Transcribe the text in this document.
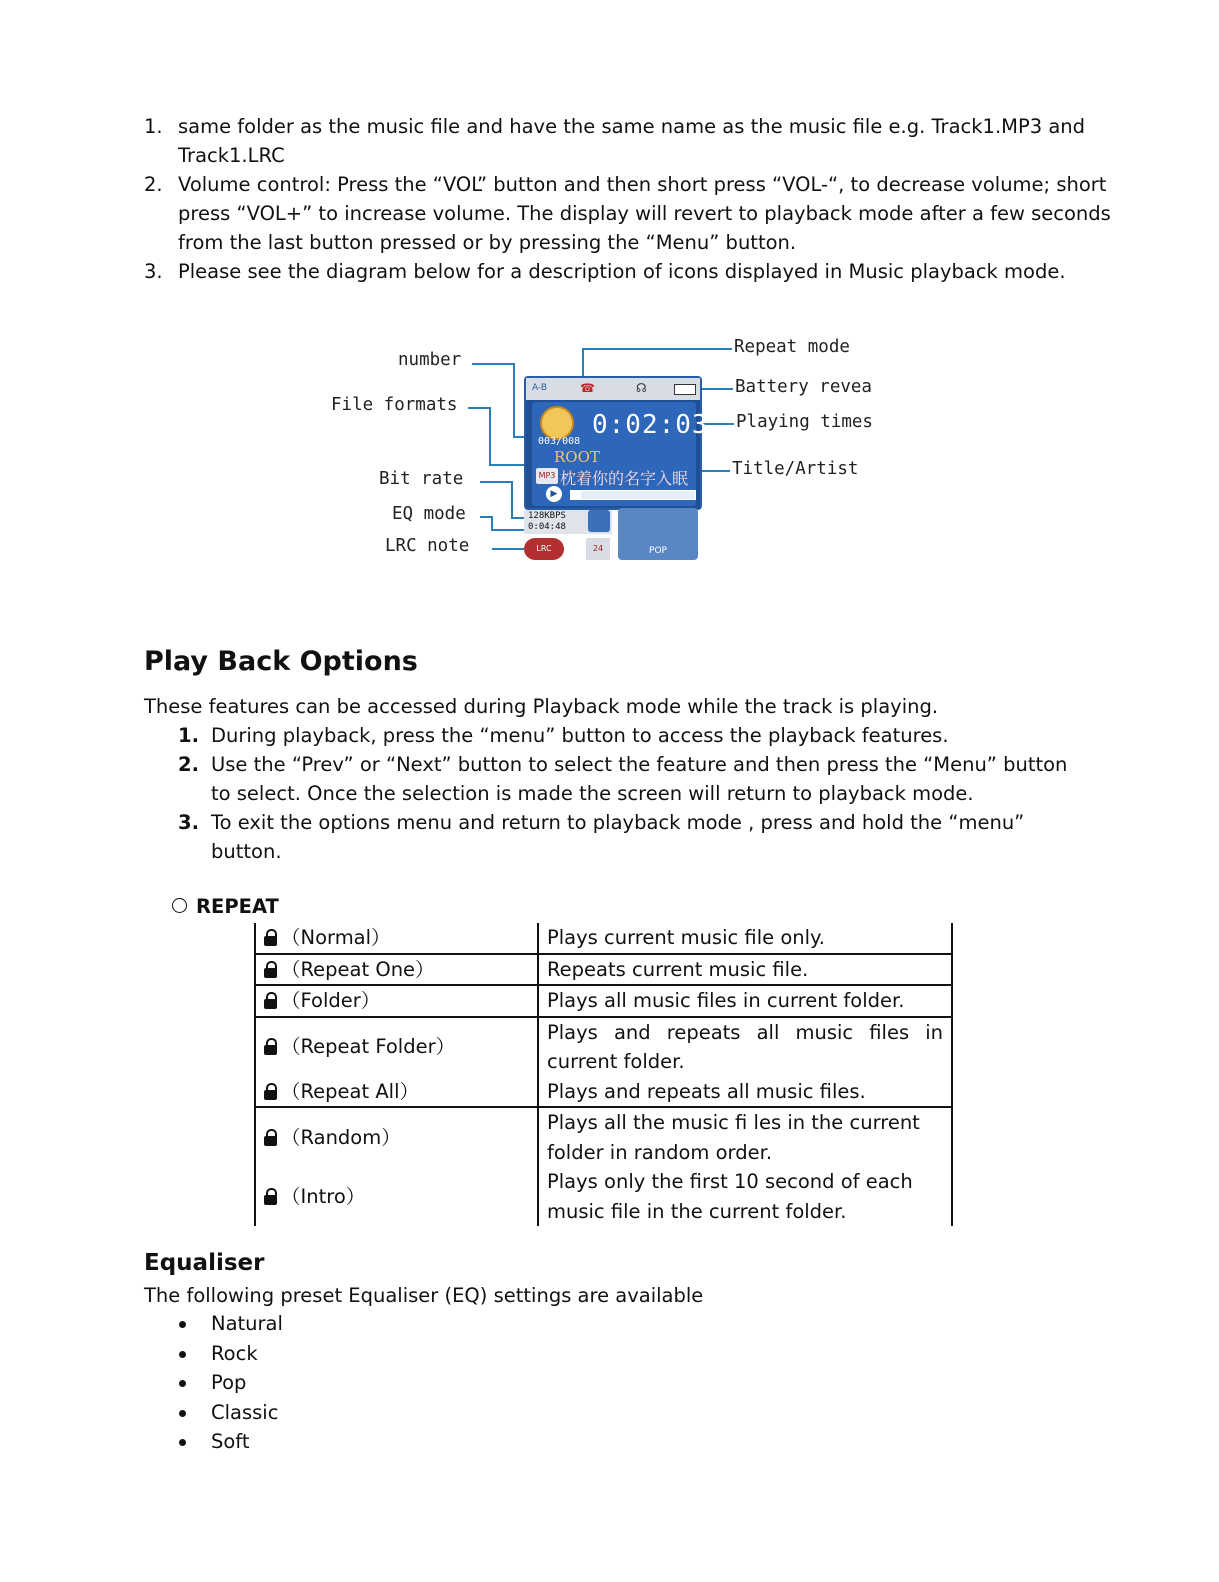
1. same folder as the music file and have the same name as the music file e.g. Track1.MP3 and Track1.LRC
2. Volume control: Press the “VOL” button and then short press “VOL-“, to decrease volume; short press “VOL+” to increase volume. The display will revert to playback mode after a few seconds from the last button pressed or by pressing the “Menu” button.
3. Please see the diagram below for a description of icons displayed in Music playback mode.
number
File formats
Bit rate
EQ mode
LRC note
Repeat mode
Battery revea
Playing times
Title/Artist
A-B	☎	☊
0:02:03
003/008
ROOT
MP3 枕着你的名字入眠
▶
128KBPS
0:04:48
POP
LRC	24
Play Back Options

These features can be accessed during Playback mode while the track is playing.

1. During playback, press the “menu” button to access the playback features.
2. Use the “Prev” or “Next” button to select the feature and then press the “Menu” button to select. Once the selection is made the screen will return to playback mode.
3. To exit the options menu and return to playback mode , press and hold the “menu” button.
REPEAT
（Normal）	Plays current music file only.
（Repeat One）	Repeats current music file.
（Folder）	Plays all music files in current folder.
（Repeat Folder）	Plays and repeats all music files in current folder.
（Repeat All）	Plays and repeats all music files.
（Random）	Plays all the music fi les in the current folder in random order.
（Intro）	Plays only the first 10 second of each music file in the current folder.
Equaliser

The following preset Equaliser (EQ) settings are available

Natural
Rock
Pop
Classic
Soft
